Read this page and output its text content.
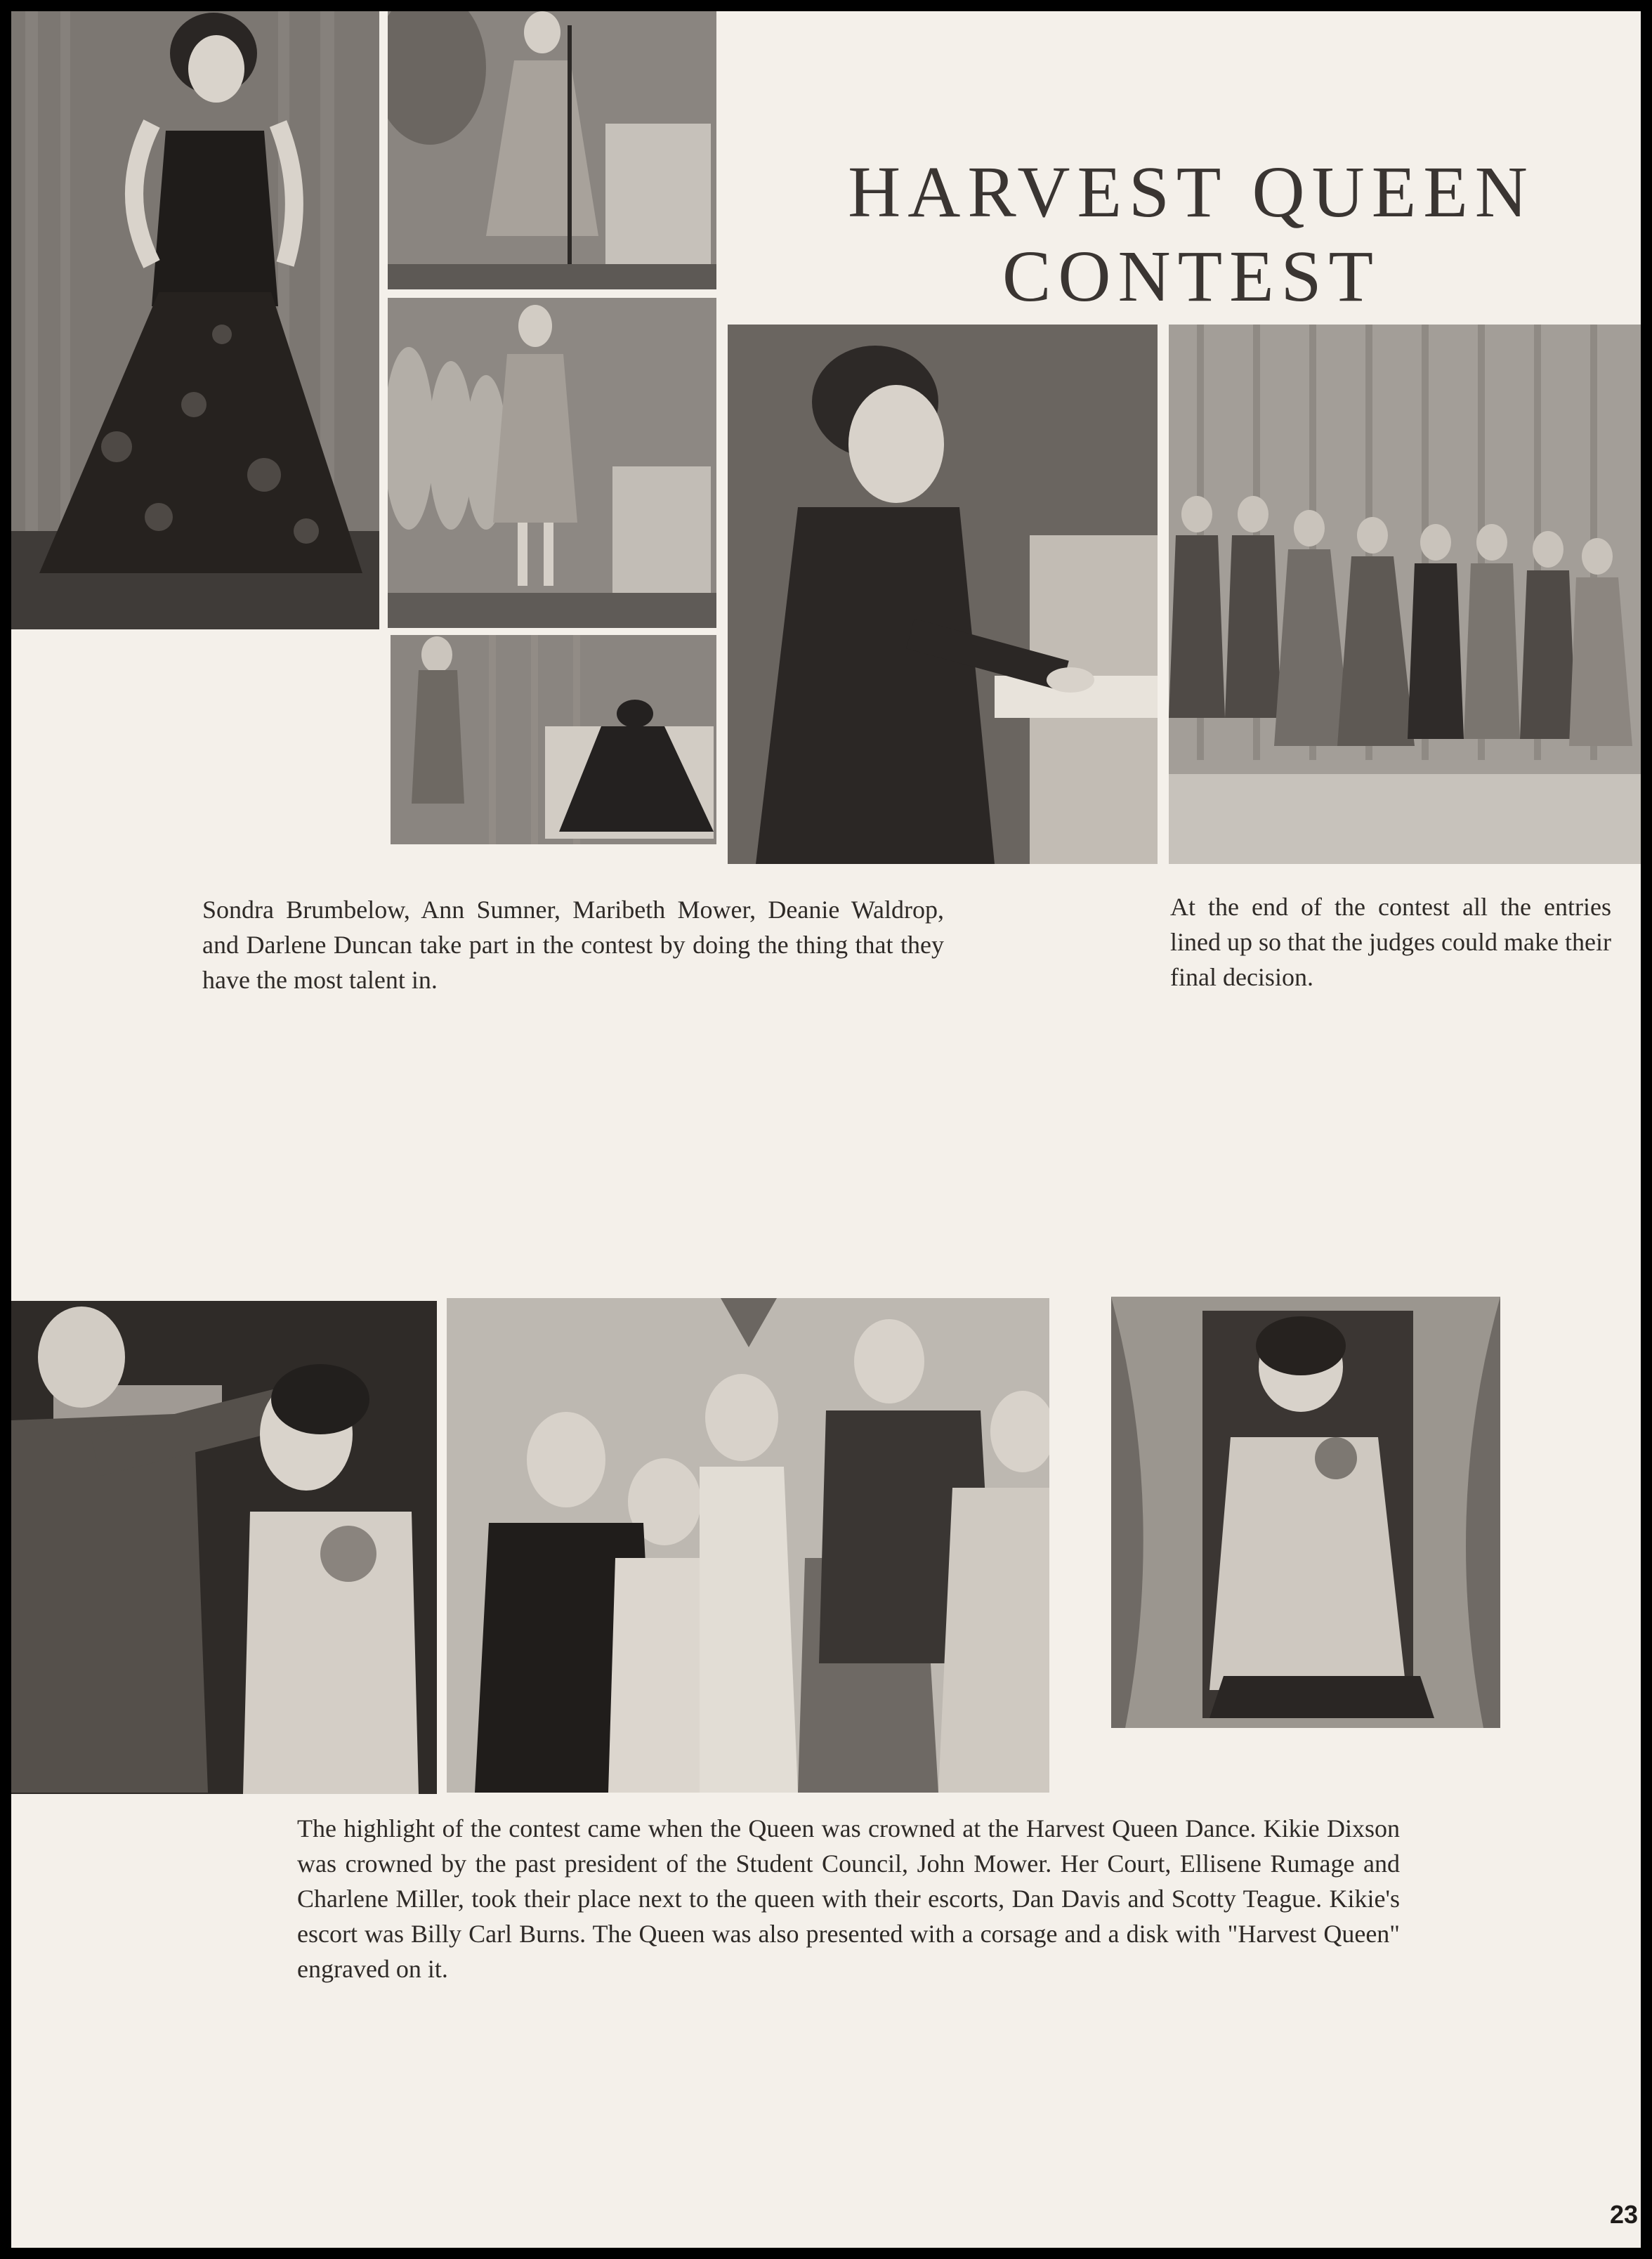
HARVEST QUEEN
CONTEST

Sondra Brumbelow, Ann Sumner, Maribeth Mower, Deanie Waldrop, and Darlene Duncan take part in the contest by doing the thing that they have the most talent in.

At the end of the contest all the entries lined up so that the judges could make their final decision.

The highlight of the contest came when the Queen was crowned at the Harvest Queen Dance. Kikie Dixson was crowned by the past president of the Student Council, John Mower. Her Court, Ellisene Rumage and Charlene Miller, took their place next to the queen with their escorts, Dan Davis and Scotty Teague. Kikie's escort was Billy Carl Burns. The Queen was also presented with a corsage and a disk with "Harvest Queen" engraved on it.

23
